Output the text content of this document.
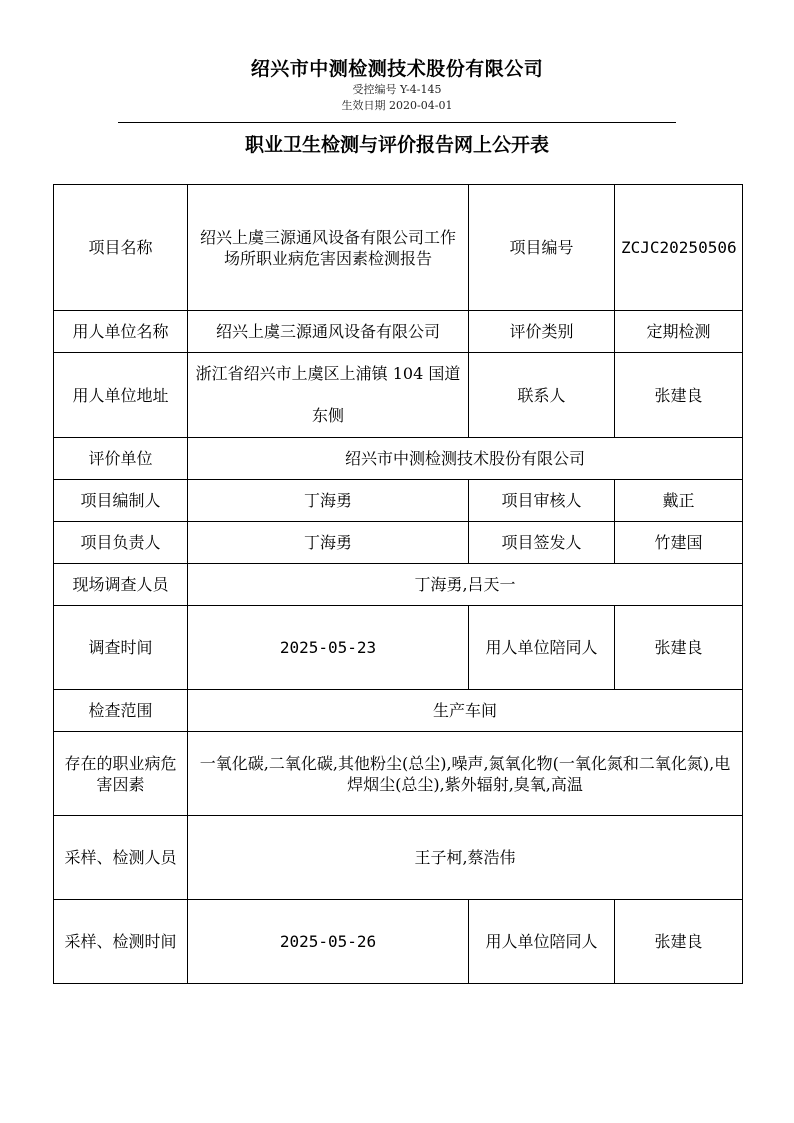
绍兴市中测检测技术股份有限公司
受控编号 Y-4-145
生效日期 2020-04-01
职业卫生检测与评价报告网上公开表
项目名称	绍兴上虞三源通风设备有限公司工作场所职业病危害因素检测报告	项目编号	ZCJC20250506
用人单位名称	绍兴上虞三源通风设备有限公司	评价类别	定期检测
用人单位地址	浙江省绍兴市上虞区上浦镇 104 国道东侧	联系人	张建良
评价单位	绍兴市中测检测技术股份有限公司		
项目编制人	丁海勇	项目审核人	戴正
项目负责人	丁海勇	项目签发人	竹建国
现场调查人员	丁海勇,吕天一		
调查时间	2025-05-23	用人单位陪同人	张建良
检查范围	生产车间		
存在的职业病危害因素	一氧化碳,二氧化碳,其他粉尘(总尘),噪声,氮氧化物(一氧化氮和二氧化氮),电焊烟尘(总尘),紫外辐射,臭氧,高温		
采样、检测人员	王子柯,蔡浩伟		
采样、检测时间	2025-05-26	用人单位陪同人	张建良
